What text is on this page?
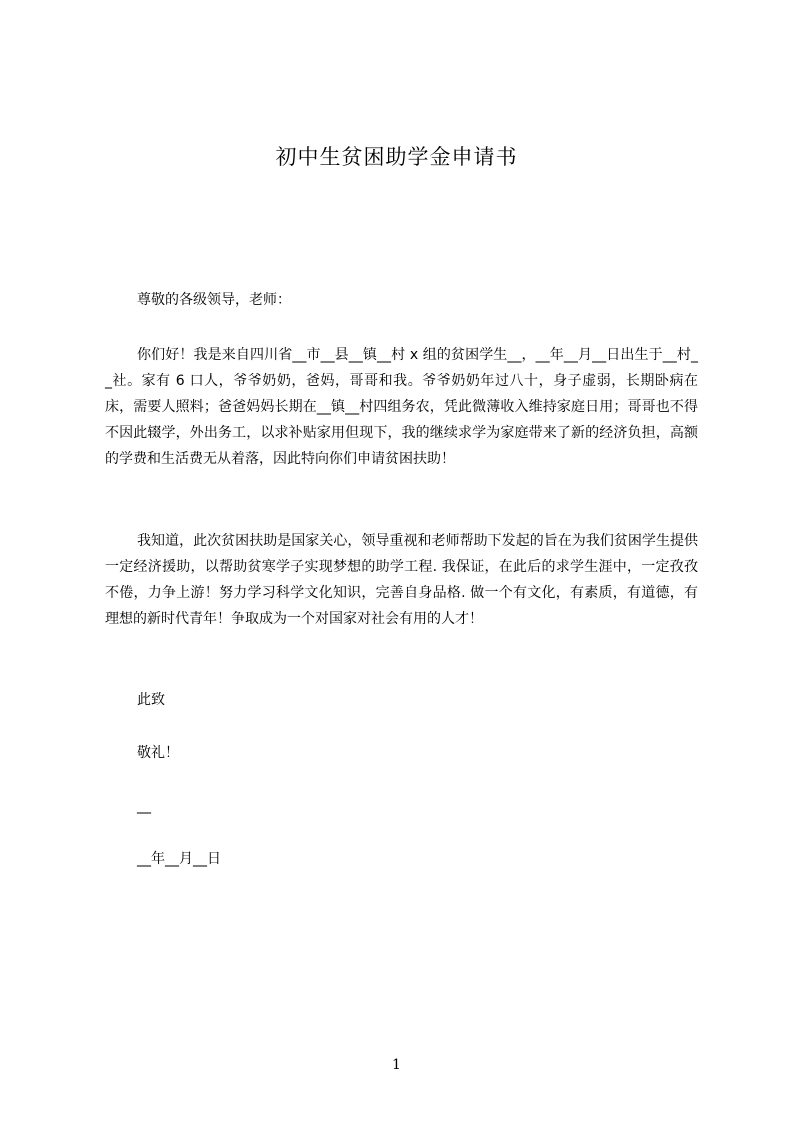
初中生贫困助学金申请书
尊敬的各级领导，老师：
你们好！我是来自四川省__市__县__镇__村 x 组的贫困学生__，__年__月__日出生于__村__社。家有 6 口人，爷爷奶奶，爸妈，哥哥和我。爷爷奶奶年过八十，身子虚弱，长期卧病在床，需要人照料；爸爸妈妈长期在__镇__村四组务农，凭此微薄收入维持家庭日用；哥哥也不得不因此辍学，外出务工，以求补贴家用但现下，我的继续求学为家庭带来了新的经济负担，高额的学费和生活费无从着落，因此特向你们申请贫困扶助！
我知道，此次贫困扶助是国家关心，领导重视和老师帮助下发起的旨在为我们贫困学生提供一定经济援助，以帮助贫寒学子实现梦想的助学工程. 我保证，在此后的求学生涯中，一定孜孜不倦，力争上游！努力学习科学文化知识，完善自身品格. 做一个有文化，有素质，有道德，有理想的新时代青年！争取成为一个对国家对社会有用的人才！
此致
敬礼！
__
__年__月__日
1
